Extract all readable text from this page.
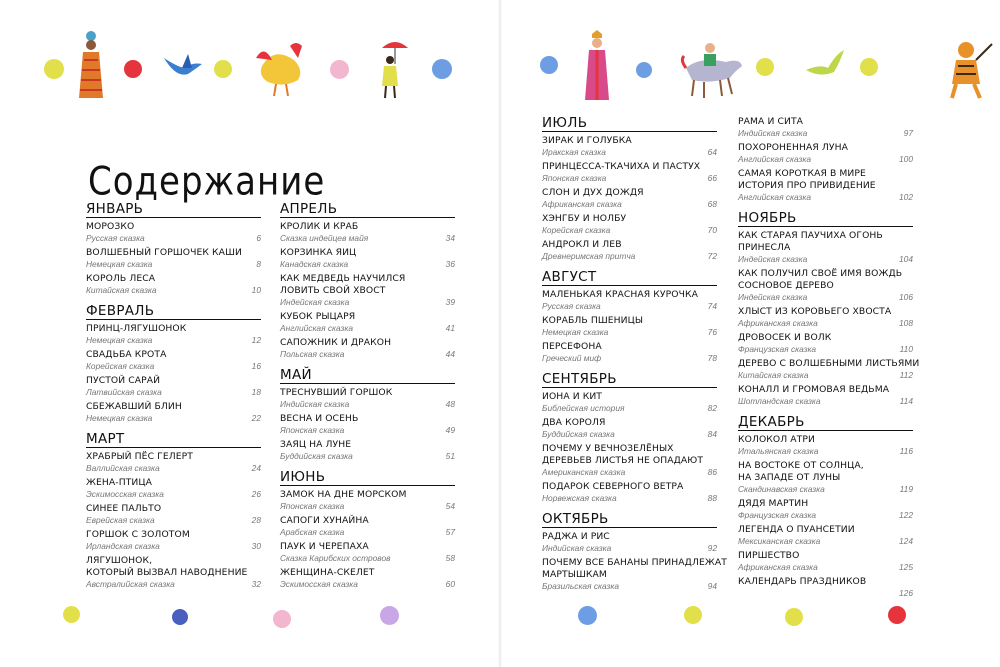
Содержание
ЯНВАРЬ
МОРОЗКО
Русская сказка	6
ВОЛШЕБНЫЙ ГОРШОЧЕК КАШИ
Немецкая сказка	8
КОРОЛЬ ЛЕСА
Китайская сказка	10
ФЕВРАЛЬ
ПРИНЦ-ЛЯГУШОНОК
Немецкая сказка	12
СВАДЬБА КРОТА
Корейская сказка	16
ПУСТОЙ САРАЙ
Латвийская сказка	18
СБЕЖАВШИЙ БЛИН
Немецкая сказка	22
МАРТ
ХРАБРЫЙ ПЁС ГЕЛЕРТ
Валлийская сказка	24
ЖЕНА-ПТИЦА
Эскимосская сказка	26
СИНЕЕ ПАЛЬТО
Еврейская сказка	28
ГОРШОК С ЗОЛОТОМ
Ирландская сказка	30
ЛЯГУШОНОК,
КОТОРЫЙ ВЫЗВАЛ НАВОДНЕНИЕ
Австралийская сказка	32
АПРЕЛЬ
КРОЛИК И КРАБ
Сказка индейцев майя	34
КОРЗИНКА ЯИЦ
Канадская сказка	36
КАК МЕДВЕДЬ НАУЧИЛСЯ
ЛОВИТЬ СВОЙ ХВОСТ
Индейская сказка	39
КУБОК РЫЦАРЯ
Английская сказка	41
САПОЖНИК И ДРАКОН
Польская сказка	44
МАЙ
ТРЕСНУВШИЙ ГОРШОК
Индийская сказка	48
ВЕСНА И ОСЕНЬ
Японская сказка	49
ЗАЯЦ НА ЛУНЕ
Буддийская сказка	51
ИЮНЬ
ЗАМОК НА ДНЕ МОРСКОМ
Японская сказка	54
САПОГИ ХУНАЙНА
Арабская сказка	57
ПАУК И ЧЕРЕПАХА
Сказка Карибских островов	58
ЖЕНЩИНА-СКЕЛЕТ
Эскимосская сказка	60
ИЮЛЬ
ЗИРАК И ГОЛУБКА
Иракская сказка	64
ПРИНЦЕССА-ТКАЧИХА И ПАСТУХ
Японская сказка	66
СЛОН И ДУХ ДОЖДЯ
Африканская сказка	68
ХЭНГБУ И НОЛБУ
Корейская сказка	70
АНДРОКЛ И ЛЕВ
Древнеримская притча	72
АВГУСТ
МАЛЕНЬКАЯ КРАСНАЯ КУРОЧКА
Русская сказка	74
КОРАБЛЬ ПШЕНИЦЫ
Немецкая сказка	76
ПЕРСЕФОНА
Греческий миф	78
СЕНТЯБРЬ
ИОНА И КИТ
Библейская история	82
ДВА КОРОЛЯ
Буддийская сказка	84
ПОЧЕМУ У ВЕЧНОЗЕЛЁНЫХ
ДЕРЕВЬЕВ ЛИСТЬЯ НЕ ОПАДАЮТ
Американская сказка	86
ПОДАРОК СЕВЕРНОГО ВЕТРА
Норвежская сказка	88
ОКТЯБРЬ
РАДЖА И РИС
Индийская сказка	92
ПОЧЕМУ ВСЕ БАНАНЫ ПРИНАДЛЕЖАТ
МАРТЫШКАМ
Бразильская сказка	94
РАМА И СИТА
Индийская сказка	97
ПОХОРОНЕННАЯ ЛУНА
Английская сказка	100
САМАЯ КОРОТКАЯ В МИРЕ
ИСТОРИЯ ПРО ПРИВИДЕНИЕ
Английская сказка	102
НОЯБРЬ
КАК СТАРАЯ ПАУЧИХА ОГОНЬ
ПРИНЕСЛА
Индейская сказка	104
КАК ПОЛУЧИЛ СВОЁ ИМЯ ВОЖДЬ
СОСНОВОЕ ДЕРЕВО
Индейская сказка	106
ХЛЫСТ ИЗ КОРОВЬЕГО ХВОСТА
Африканская сказка	108
ДРОВОСЕК И ВОЛК
Французская сказка	110
ДЕРЕВО С ВОЛШЕБНЫМИ ЛИСТЬЯМИ
Китайская сказка	112
КОНАЛЛ И ГРОМОВАЯ ВЕДЬМА
Шотландская сказка	114
ДЕКАБРЬ
КОЛОКОЛ АТРИ
Итальянская сказка	116
НА ВОСТОКЕ ОТ СОЛНЦА,
НА ЗАПАДЕ ОТ ЛУНЫ
Скандинавская сказка	119
ДЯДЯ МАРТИН
Французская сказка	122
ЛЕГЕНДА О ПУАНСЕТИИ
Мексиканская сказка	124
ПИРШЕСТВО
Африканская сказка	125
КАЛЕНДАРЬ ПРАЗДНИКОВ
126
